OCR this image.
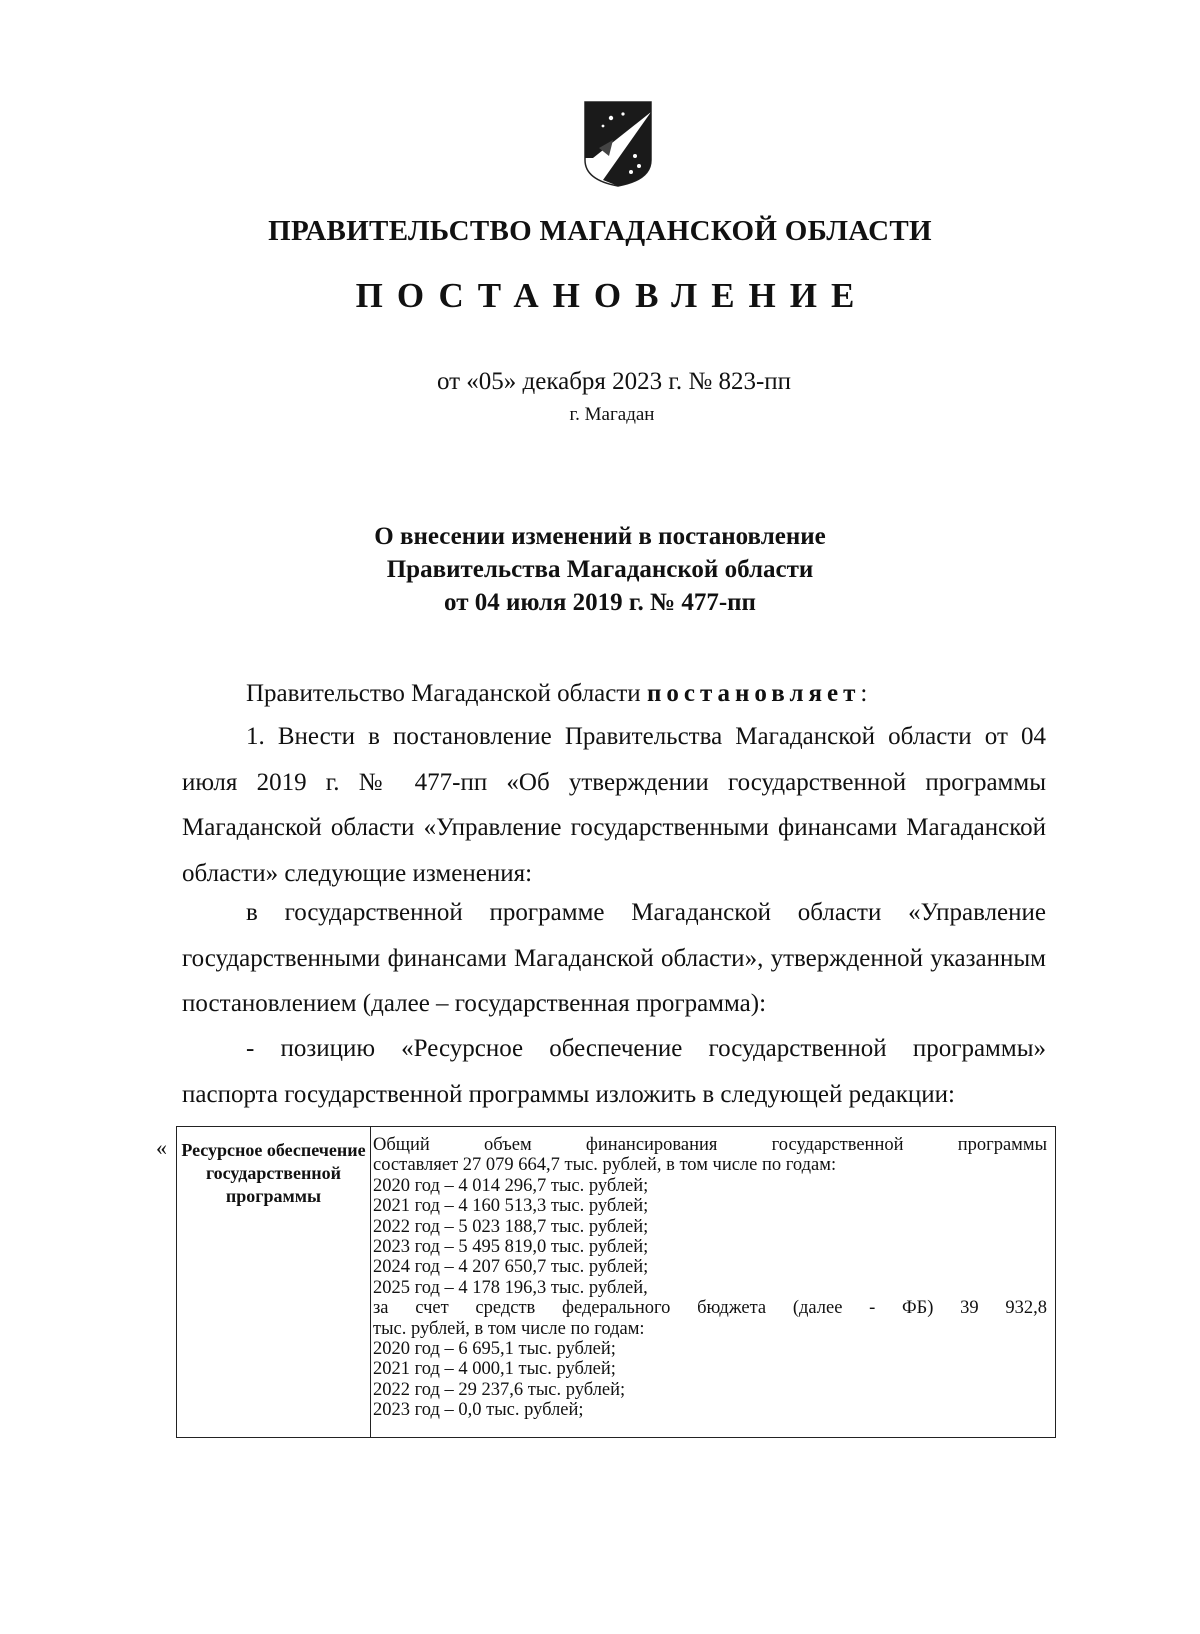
ПРАВИТЕЛЬСТВО МАГАДАНСКОЙ ОБЛАСТИ
ПОСТАНОВЛЕНИЕ
от «05» декабря 2023 г. № 823-пп
г. Магадан
О внесении изменений в постановление
Правительства Магаданской области
от 04 июля 2019 г. № 477-пп
Правительство Магаданской области постановляет:
1. Внести в постановление Правительства Магаданской области от 04 июля 2019 г. № 477-пп «Об утверждении государственной программы Магаданской области «Управление государственными финансами Магаданской области» следующие изменения:
в государственной программе Магаданской области «Управление государственными финансами Магаданской области», утвержденной указанным постановлением (далее – государственная программа):
- позицию «Ресурсное обеспечение государственной программы» паспорта государственной программы изложить в следующей редакции:
« Ресурсное обеспечение государственной программы
Общий объем финансирования государственной программы
составляет 27 079 664,7 тыс. рублей, в том числе по годам:
2020 год – 4 014 296,7 тыс. рублей;
2021 год – 4 160 513,3 тыс. рублей;
2022 год – 5 023 188,7 тыс. рублей;
2023 год – 5 495 819,0 тыс. рублей;
2024 год – 4 207 650,7 тыс. рублей;
2025 год – 4 178 196,3 тыс. рублей,
за счет средств федерального бюджета (далее - ФБ) 39 932,8
тыс. рублей, в том числе по годам:
2020 год – 6 695,1 тыс. рублей;
2021 год – 4 000,1 тыс. рублей;
2022 год – 29 237,6 тыс. рублей;
2023 год – 0,0 тыс. рублей;
